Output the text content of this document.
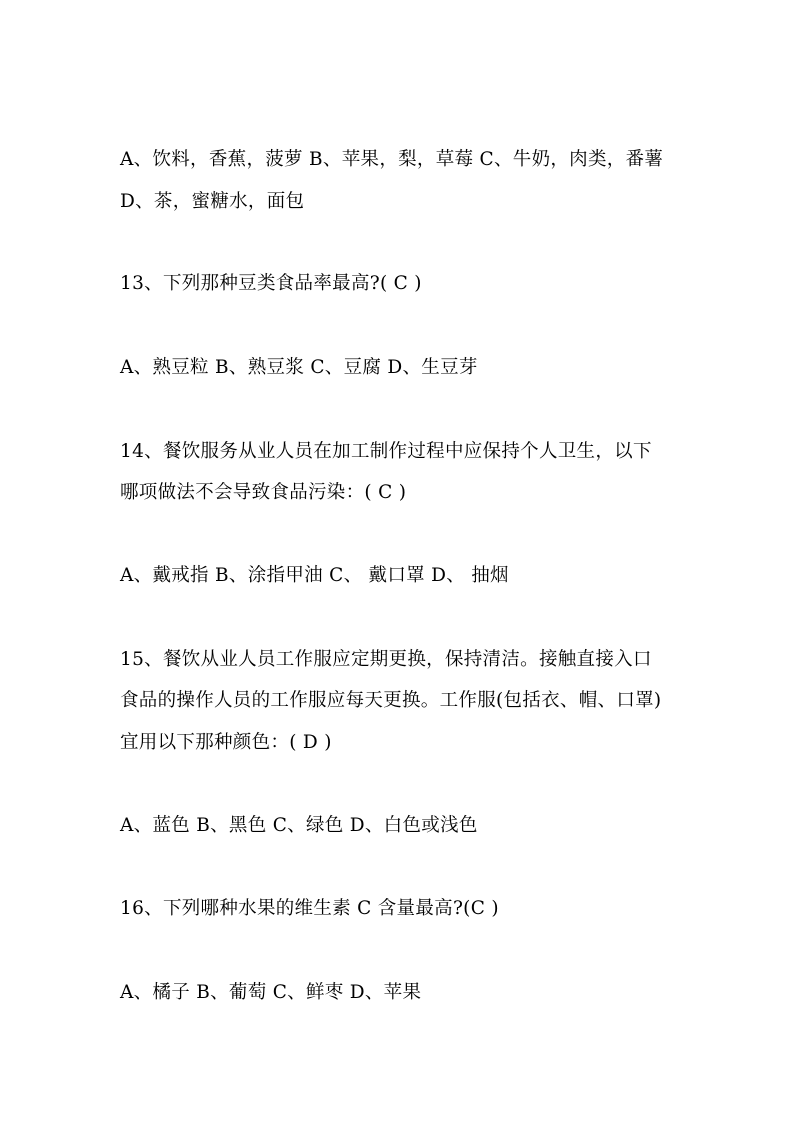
A、饮料，香蕉，菠萝 B、苹果，梨，草莓 C、牛奶，肉类，番薯
D、茶，蜜糖水，面包
13、下列那种豆类食品率最高?( C )
A、熟豆粒 B、熟豆浆 C、豆腐 D、生豆芽
14、餐饮服务从业人员在加工制作过程中应保持个人卫生，以下
哪项做法不会导致食品污染：( C )
A、戴戒指 B、涂指甲油 C、 戴口罩 D、 抽烟
15、餐饮从业人员工作服应定期更换，保持清洁。接触直接入口
食品的操作人员的工作服应每天更换。工作服(包括衣、帽、口罩)
宜用以下那种颜色：( D )
A、蓝色 B、黑色 C、绿色 D、白色或浅色
16、下列哪种水果的维生素 C 含量最高?(C )
A、橘子 B、葡萄 C、鲜枣 D、苹果
